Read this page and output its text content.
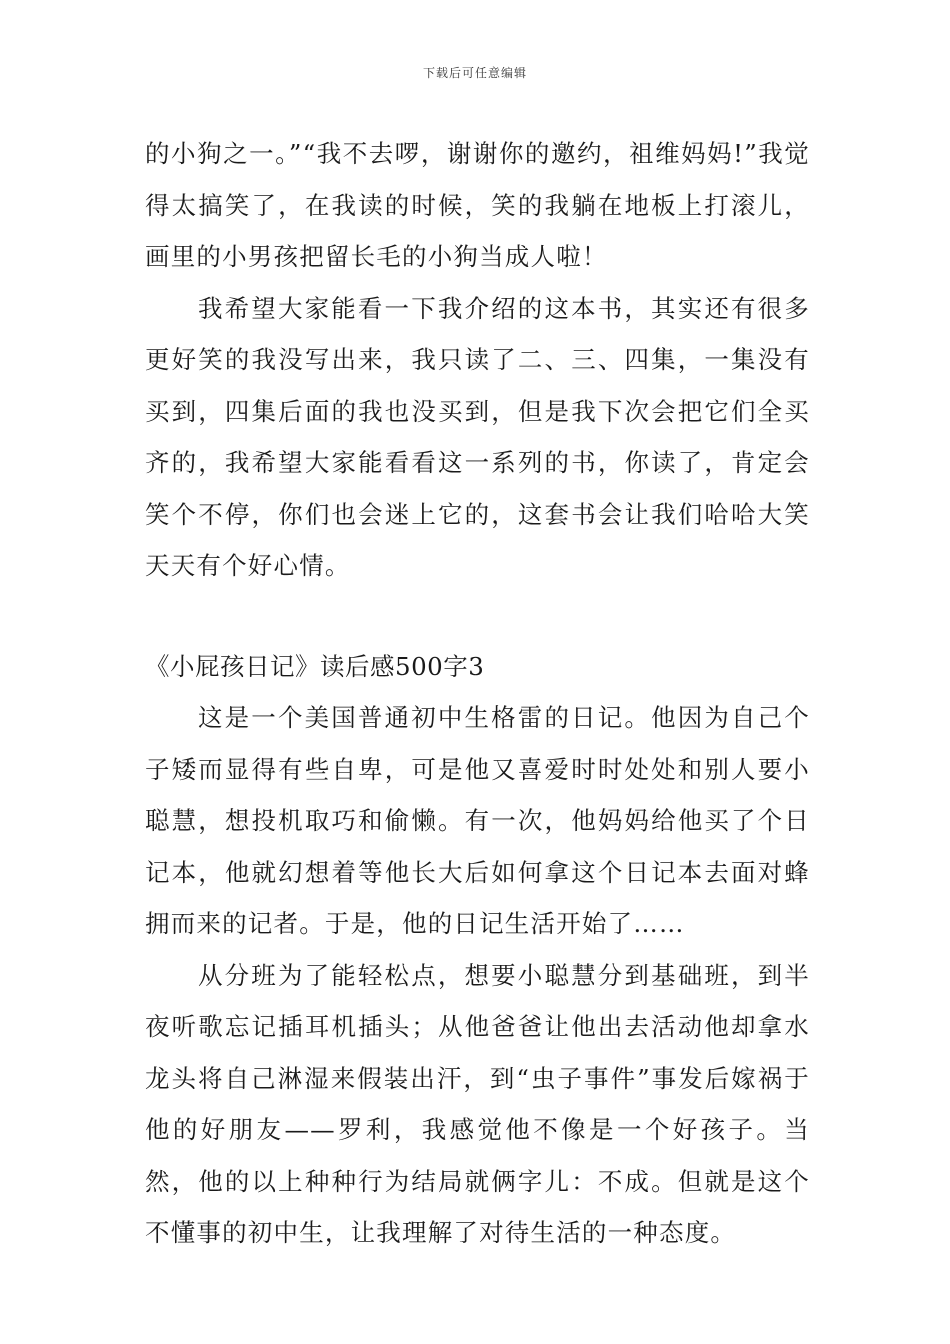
下载后可任意编辑

的小狗之一。”“我不去啰，谢谢你的邀约，祖维妈妈!”我觉得太搞笑了，在我读的时候，笑的我躺在地板上打滚儿，画里的小男孩把留长毛的小狗当成人啦！

我希望大家能看一下我介绍的这本书，其实还有很多更好笑的我没写出来，我只读了二、三、四集，一集没有买到，四集后面的我也没买到，但是我下次会把它们全买齐的，我希望大家能看看这一系列的书，你读了，肯定会笑个不停，你们也会迷上它的，这套书会让我们哈哈大笑天天有个好心情。

《小屁孩日记》读后感500字3

这是一个美国普通初中生格雷的日记。他因为自己个子矮而显得有些自卑，可是他又喜爱时时处处和别人要小聪慧，想投机取巧和偷懒。有一次，他妈妈给他买了个日记本，他就幻想着等他长大后如何拿这个日记本去面对蜂拥而来的记者。于是，他的日记生活开始了……

从分班为了能轻松点，想要小聪慧分到基础班，到半夜听歌忘记插耳机插头；从他爸爸让他出去活动他却拿水龙头将自己淋湿来假装出汗，到“虫子事件”事发后嫁祸于他的好朋友——罗利，我感觉他不像是一个好孩子。当然，他的以上种种行为结局就俩字儿：不成。但就是这个不懂事的初中生，让我理解了对待生活的一种态度。
